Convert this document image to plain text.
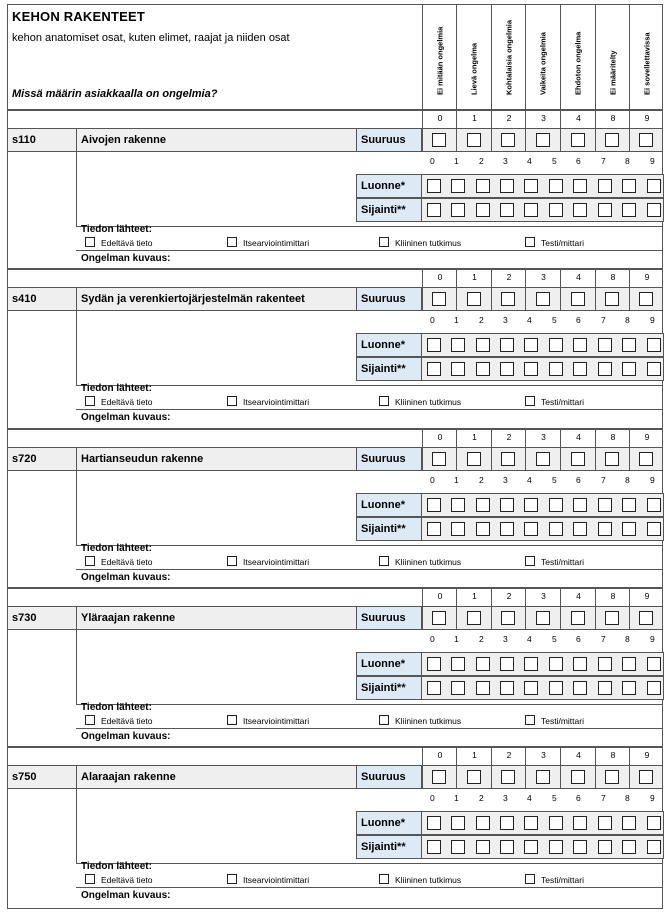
KEHON RAKENTEET
kehon anatomiset osat, kuten elimet, raajat ja niiden osat
Missä määrin asiakkaalla on ongelmia?	Ei mitään ongelmia	Lievä ongelma	Kohtalaisia ongelmia	Vaikeita ongelmia	Ehdoton ongelma	Ei määritelty	Ei sovellettavissa
0	1	2	3	4	8	9
s110	Aivojen rakenne	Suuruus
0 1 2 3 4 5 6 7 8 9
Luonne*
Sijainti**
Tiedon lähteet:
Edeltävä tieto	Itsearviointimittari	Kliininen tutkimus	Testi/mittari
Ongelman kuvaus:
0	1	2	3	4	8	9
s410	Sydän ja verenkiertojärjestelmän rakenteet	Suuruus
0 1 2 3 4 5 6 7 8 9
Luonne*
Sijainti**
Tiedon lähteet:
Edeltävä tieto	Itsearviointimittari	Kliininen tutkimus	Testi/mittari
Ongelman kuvaus:
0	1	2	3	4	8	9
s720	Hartianseudun rakenne	Suuruus
0 1 2 3 4 5 6 7 8 9
Luonne*
Sijainti**
Tiedon lähteet:
Edeltävä tieto	Itsearviointimittari	Kliininen tutkimus	Testi/mittari
Ongelman kuvaus:
0	1	2	3	4	8	9
s730	Yläraajan rakenne	Suuruus
0 1 2 3 4 5 6 7 8 9
Luonne*
Sijainti**
Tiedon lähteet:
Edeltävä tieto	Itsearviointimittari	Kliininen tutkimus	Testi/mittari
Ongelman kuvaus:
0	1	2	3	4	8	9
s750	Alaraajan rakenne	Suuruus
0 1 2 3 4 5 6 7 8 9
Luonne*
Sijainti**
Tiedon lähteet:
Edeltävä tieto	Itsearviointimittari	Kliininen tutkimus	Testi/mittari
Ongelman kuvaus:
